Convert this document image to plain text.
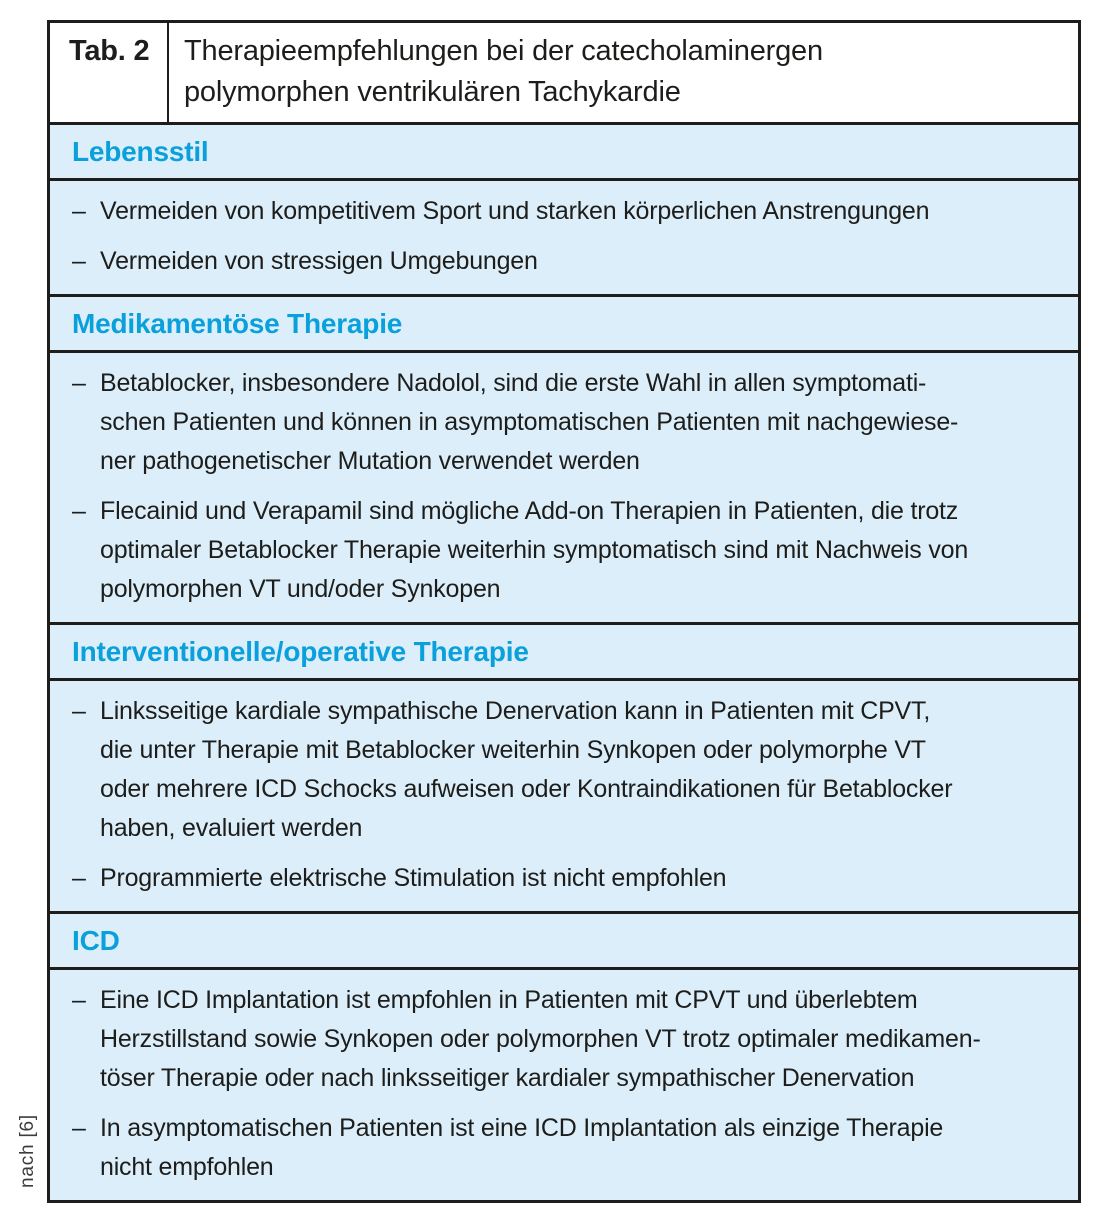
nach [6]
Tab. 2	Therapieempfehlungen bei der catecholaminergen
polymorphen ventrikulären Tachykardie
Lebensstil
– Vermeiden von kompetitivem Sport und starken körperlichen Anstrengungen
– Vermeiden von stressigen Umgebungen
Medikamentöse Therapie
– Betablocker, insbesondere Nadolol, sind die erste Wahl in allen symptomati-
schen Patienten und können in asymptomatischen Patienten mit nachgewiese-
ner pathogenetischer Mutation verwendet werden
– Flecainid und Verapamil sind mögliche Add-on Therapien in Patienten, die trotz
optimaler Betablocker Therapie weiterhin symptomatisch sind mit Nachweis von
polymorphen VT und/oder Synkopen
Interventionelle/operative Therapie
– Linksseitige kardiale sympathische Denervation kann in Patienten mit CPVT,
die unter Therapie mit Betablocker weiterhin Synkopen oder polymorphe VT
oder mehrere ICD Schocks aufweisen oder Kontraindikationen für Betablocker
haben, evaluiert werden
– Programmierte elektrische Stimulation ist nicht empfohlen
ICD
– Eine ICD Implantation ist empfohlen in Patienten mit CPVT und überlebtem
Herzstillstand sowie Synkopen oder polymorphen VT trotz optimaler medikamen-
töser Therapie oder nach linksseitiger kardialer sympathischer Denervation
– In asymptomatischen Patienten ist eine ICD Implantation als einzige Therapie
nicht empfohlen
